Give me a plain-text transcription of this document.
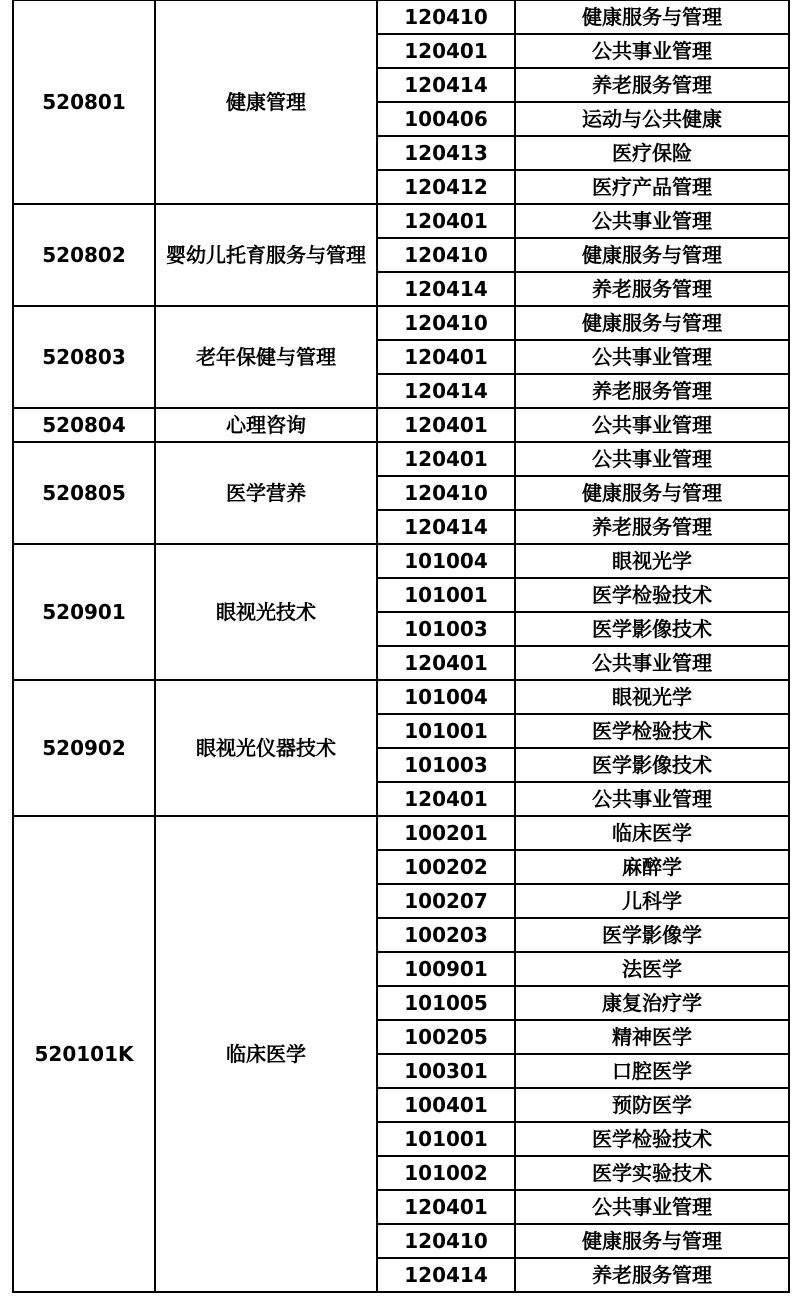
520801	健康管理	120410	健康服务与管理
		120401	公共事业管理
		120414	养老服务管理
		100406	运动与公共健康
		120413	医疗保险
		120412	医疗产品管理
520802	婴幼儿托育服务与管理	120401	公共事业管理
		120410	健康服务与管理
		120414	养老服务管理
520803	老年保健与管理	120410	健康服务与管理
		120401	公共事业管理
		120414	养老服务管理
520804	心理咨询	120401	公共事业管理
520805	医学营养	120401	公共事业管理
		120410	健康服务与管理
		120414	养老服务管理
520901	眼视光技术	101004	眼视光学
		101001	医学检验技术
		101003	医学影像技术
		120401	公共事业管理
520902	眼视光仪器技术	101004	眼视光学
		101001	医学检验技术
		101003	医学影像技术
		120401	公共事业管理
520101K	临床医学	100201	临床医学
		100202	麻醉学
		100207	儿科学
		100203	医学影像学
		100901	法医学
		101005	康复治疗学
		100205	精神医学
		100301	口腔医学
		100401	预防医学
		101001	医学检验技术
		101002	医学实验技术
		120401	公共事业管理
		120410	健康服务与管理
		120414	养老服务管理
